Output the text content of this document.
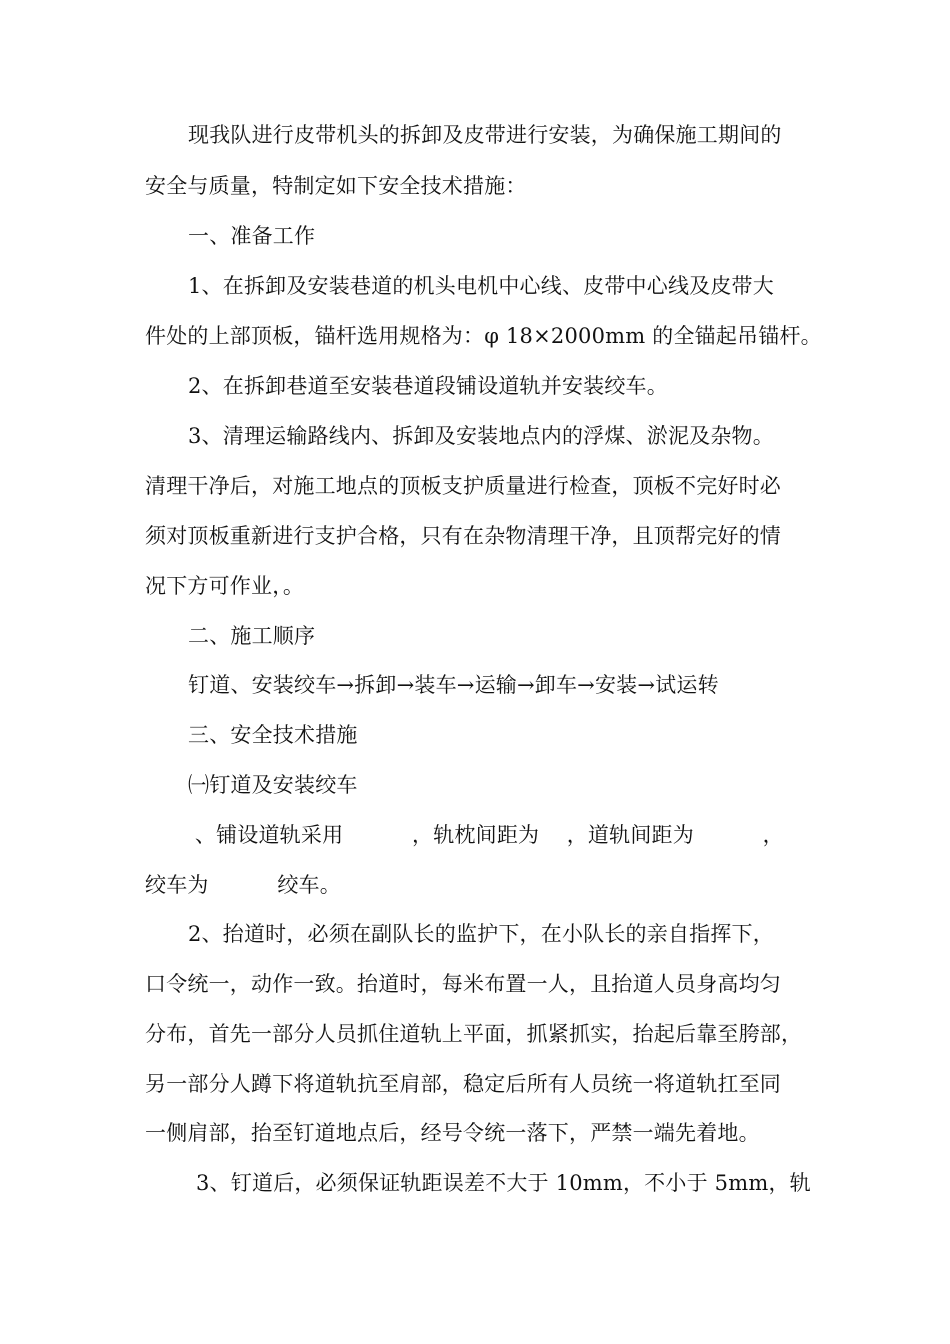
现我队进行皮带机头的拆卸及皮带进行安装，为确保施工期间的
安全与质量，特制定如下安全技术措施：
一、准备工作
1、在拆卸及安装巷道的机头电机中心线、皮带中心线及皮带大
件处的上部顶板，锚杆选用规格为：φ 18×2000mm 的全锚起吊锚杆。
2、在拆卸巷道至安装巷道段铺设道轨并安装绞车。
3、清理运输路线内、拆卸及安装地点内的浮煤、淤泥及杂物。
清理干净后，对施工地点的顶板支护质量进行检查，顶板不完好时必
须对顶板重新进行支护合格，只有在杂物清理干净，且顶帮完好的情
况下方可作业，。
二、施工顺序
钉道、安装绞车→拆卸→装车→运输→卸车→安装→试运转
三、安全技术措施
㈠钉道及安装绞车
、铺设道轨采用          ，轨枕间距为    ，道轨间距为          ，
绞车为          绞车。
2、抬道时，必须在副队长的监护下，在小队长的亲自指挥下，
口令统一，动作一致。抬道时，每米布置一人，且抬道人员身高均匀
分布，首先一部分人员抓住道轨上平面，抓紧抓实，抬起后靠至胯部，
另一部分人蹲下将道轨抗至肩部，稳定后所有人员统一将道轨扛至同
一侧肩部，抬至钉道地点后，经号令统一落下，严禁一端先着地。
3、钉道后，必须保证轨距误差不大于 10mm，不小于 5mm，轨
